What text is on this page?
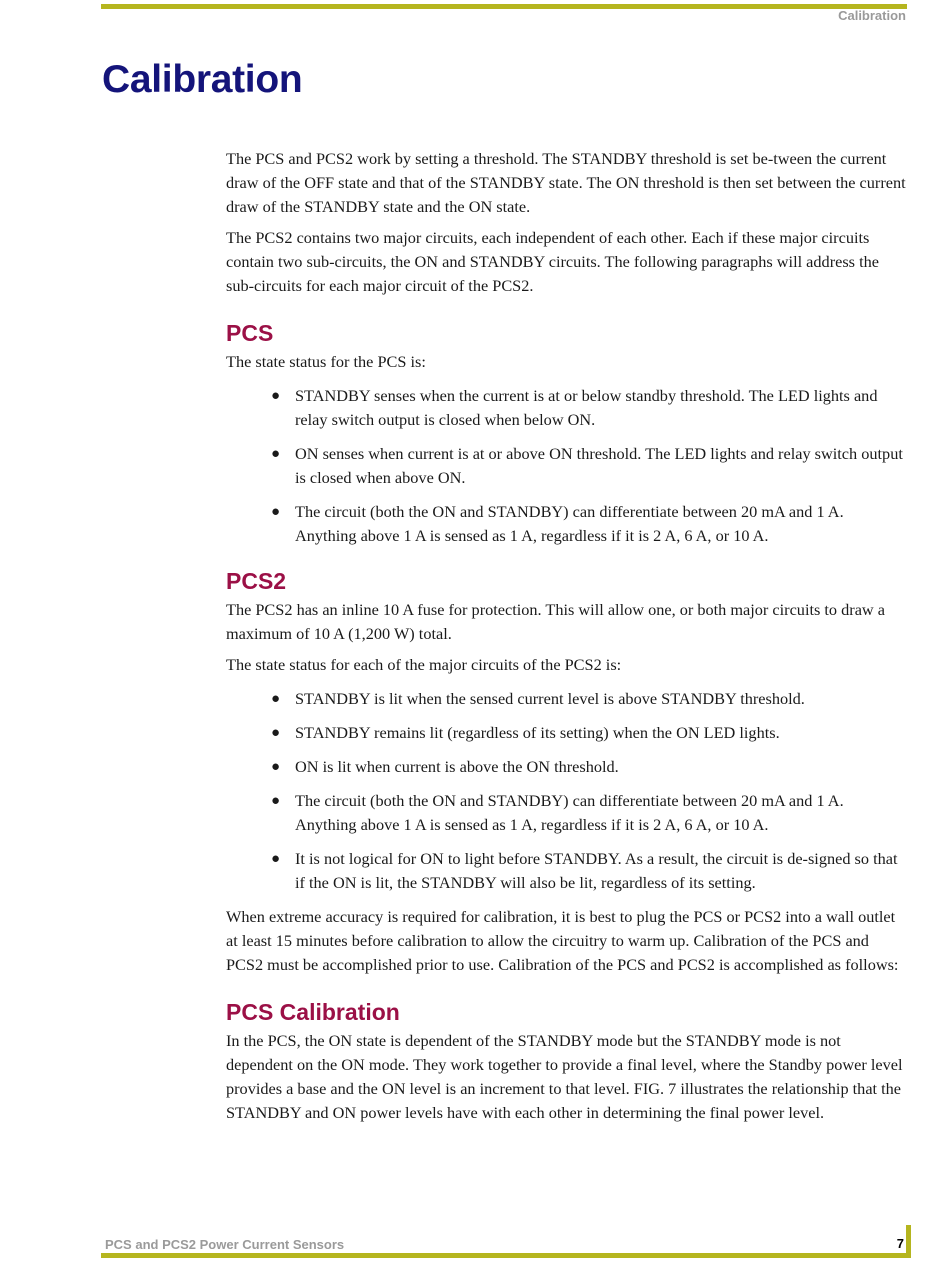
Calibration
Calibration

The PCS and PCS2 work by setting a threshold. The STANDBY threshold is set be-tween the current draw of the OFF state and that of the STANDBY state. The ON threshold is then set between the current draw of the STANDBY state and the ON state.

The PCS2 contains two major circuits, each independent of each other. Each if these major circuits contain two sub-circuits, the ON and STANDBY circuits. The following paragraphs will address the sub-circuits for each major circuit of the PCS2.

PCS

The state status for the PCS is:

● STANDBY senses when the current is at or below standby threshold. The LED lights and relay switch output is closed when below ON.
● ON senses when current is at or above ON threshold. The LED lights and relay switch output is closed when above ON.
● The circuit (both the ON and STANDBY) can differentiate between 20 mA and 1 A. Anything above 1 A is sensed as 1 A, regardless if it is 2 A, 6 A, or 10 A.
PCS2

The PCS2 has an inline 10 A fuse for protection. This will allow one, or both major circuits to draw a maximum of 10 A (1,200 W) total.

The state status for each of the major circuits of the PCS2 is:

● STANDBY is lit when the sensed current level is above STANDBY threshold.
● STANDBY remains lit (regardless of its setting) when the ON LED lights.
● ON is lit when current is above the ON threshold.
● The circuit (both the ON and STANDBY) can differentiate between 20 mA and 1 A. Anything above 1 A is sensed as 1 A, regardless if it is 2 A, 6 A, or 10 A.
● It is not logical for ON to light before STANDBY. As a result, the circuit is de-signed so that if the ON is lit, the STANDBY will also be lit, regardless of its setting.

When extreme accuracy is required for calibration, it is best to plug the PCS or PCS2 into a wall outlet at least 15 minutes before calibration to allow the circuitry to warm up. Calibration of the PCS and PCS2 must be accomplished prior to use. Calibration of the PCS and PCS2 is accomplished as follows:

PCS Calibration

In the PCS, the ON state is dependent of the STANDBY mode but the STANDBY mode is not dependent on the ON mode. They work together to provide a final level, where the Standby power level provides a base and the ON level is an increment to that level. FIG. 7 illustrates the relationship that the STANDBY and ON power levels have with each other in determining the final power level.

PCS and PCS2 Power Current Sensors	7
